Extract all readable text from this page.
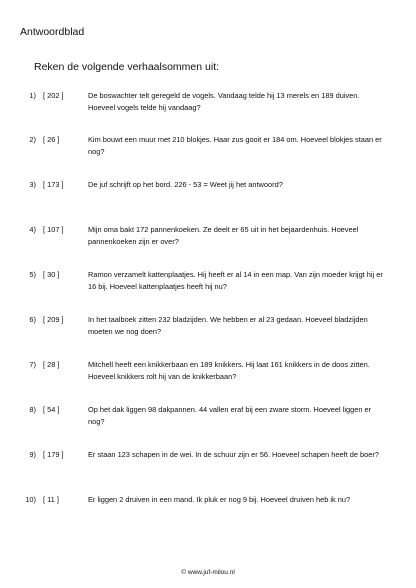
Antwoordblad
Reken de volgende verhaalsommen uit:
1) [ 202 ]	De boswachter telt geregeld de vogels. Vandaag telde hij 13 merels en 189 duiven. Hoeveel vogels telde hij vandaag?
2) [ 26 ]	Kim bouwt een muur met 210 blokjes. Haar zus gooit er 184 om. Hoeveel blokjes staan er nog?
3) [ 173 ]	De juf schrijft op het bord. 226 - 53 = Weet jij het antwoord?
4) [ 107 ]	Mijn oma bakt 172 pannenkoeken. Ze deelt er 65 uit in het bejaardenhuis. Hoeveel pannenkoeken zijn er over?
5) [ 30 ]	Ramon verzamelt kattenplaatjes. Hij heeft er al 14 in een map. Van zijn moeder krijgt hij er 16 bij. Hoeveel kattenplaatjes heeft hij nu?
6) [ 209 ]	In het taalboek zitten 232 bladzijden. We hebben er al 23 gedaan. Hoeveel bladzijden moeten we nog doen?
7) [ 28 ]	Mitchell heeft een knikkerbaan en 189 knikkers. Hij laat 161 knikkers in de doos zitten. Hoeveel knikkers rolt hij van de knikkerbaan?
8) [ 54 ]	Op het dak liggen 98 dakpannen. 44 vallen eraf bij een zware storm. Hoeveel liggen er nog?
9) [ 179 ]	Er staan 123 schapen in de wei. In de schuur zijn er 56. Hoeveel schapen heeft de boer?
10) [ 11 ]	Er liggen 2 druiven in een mand. Ik pluk er nog 9 bij. Hoeveel druiven heb ik nu?
© www.juf-milou.nl
